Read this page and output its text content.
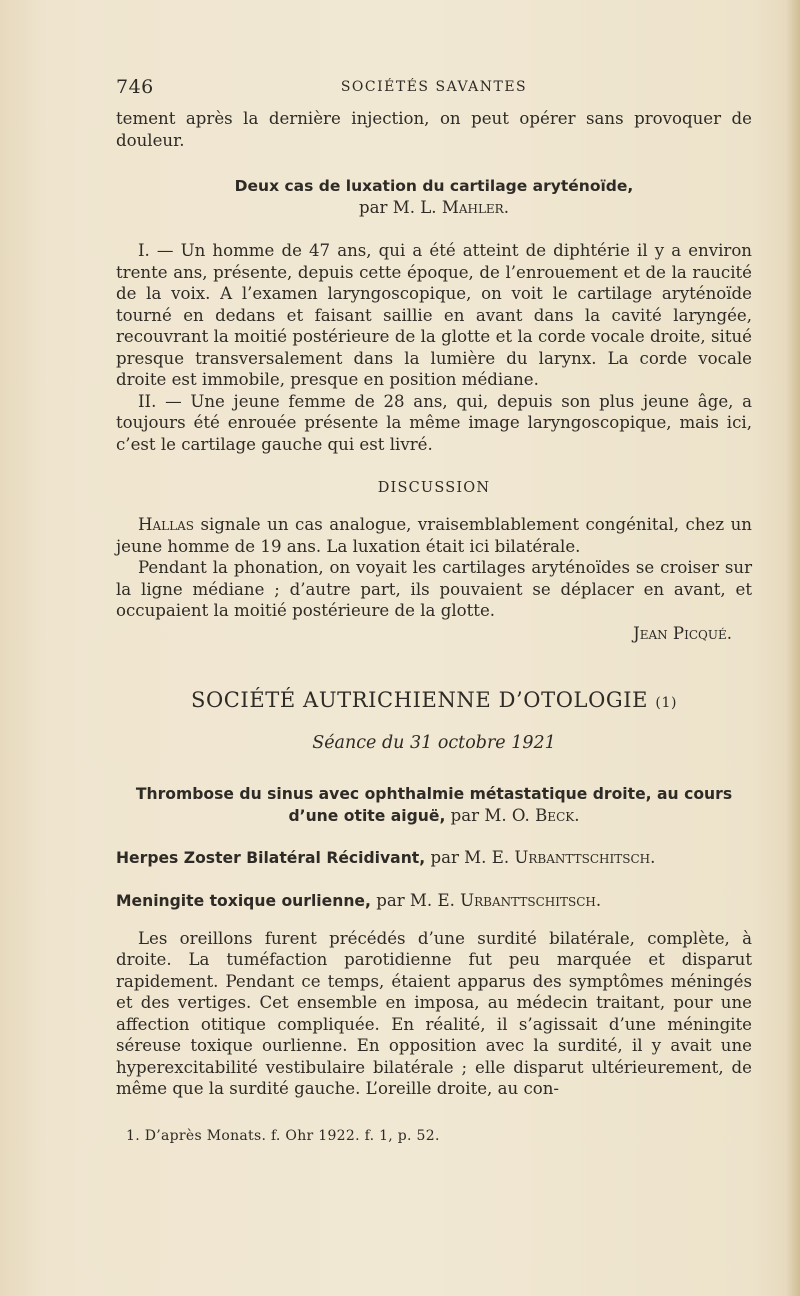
746	SOCIÉTÉS SAVANTES

tement après la dernière injection, on peut opérer sans provoquer de douleur.

Deux cas de luxation du cartilage aryténoïde,
par M. L. Mahler.

I. — Un homme de 47 ans, qui a été atteint de diphtérie il y a environ trente ans, présente, depuis cette époque, de l’enrouement et de la raucité de la voix. A l’examen laryngoscopique, on voit le cartilage aryténoïde tourné en dedans et faisant saillie en avant dans la cavité laryngée, recouvrant la moitié postérieure de la glotte et la corde vocale droite, situé presque transversalement dans la lumière du larynx. La corde vocale droite est immobile, presque en position médiane.

II. — Une jeune femme de 28 ans, qui, depuis son plus jeune âge, a toujours été enrouée présente la même image laryngoscopique, mais ici, c’est le cartilage gauche qui est livré.

DISCUSSION

Hallas signale un cas analogue, vraisemblablement congénital, chez un jeune homme de 19 ans. La luxation était ici bilatérale.

Pendant la phonation, on voyait les cartilages aryténoïdes se croiser sur la ligne médiane ; d’autre part, ils pouvaient se déplacer en avant, et occupaient la moitié postérieure de la glotte.

Jean Picqué.
SOCIÉTÉ AUTRICHIENNE D’OTOLOGIE (1)
Séance du 31 octobre 1921

Thrombose du sinus avec ophthalmie métastatique droite, au cours d’une otite aiguë, par M. O. Beck.

Herpes Zoster Bilatéral Récidivant, par M. E. Urbanttschitsch.

Meningite toxique ourlienne, par M. E. Urbanttschitsch.

Les oreillons furent précédés d’une surdité bilatérale, complète, à droite. La tuméfaction parotidienne fut peu marquée et disparut rapidement. Pendant ce temps, étaient apparus des symptômes méningés et des vertiges. Cet ensemble en imposa, au médecin traitant, pour une affection otitique compliquée. En réalité, il s’agissait d’une méningite séreuse toxique ourlienne. En opposition avec la surdité, il y avait une hyperexcitabilité vestibulaire bilatérale ; elle disparut ultérieurement, de même que la surdité gauche. L’oreille droite, au con-

1. D’après Monats. f. Ohr 1922. f. 1, p. 52.
